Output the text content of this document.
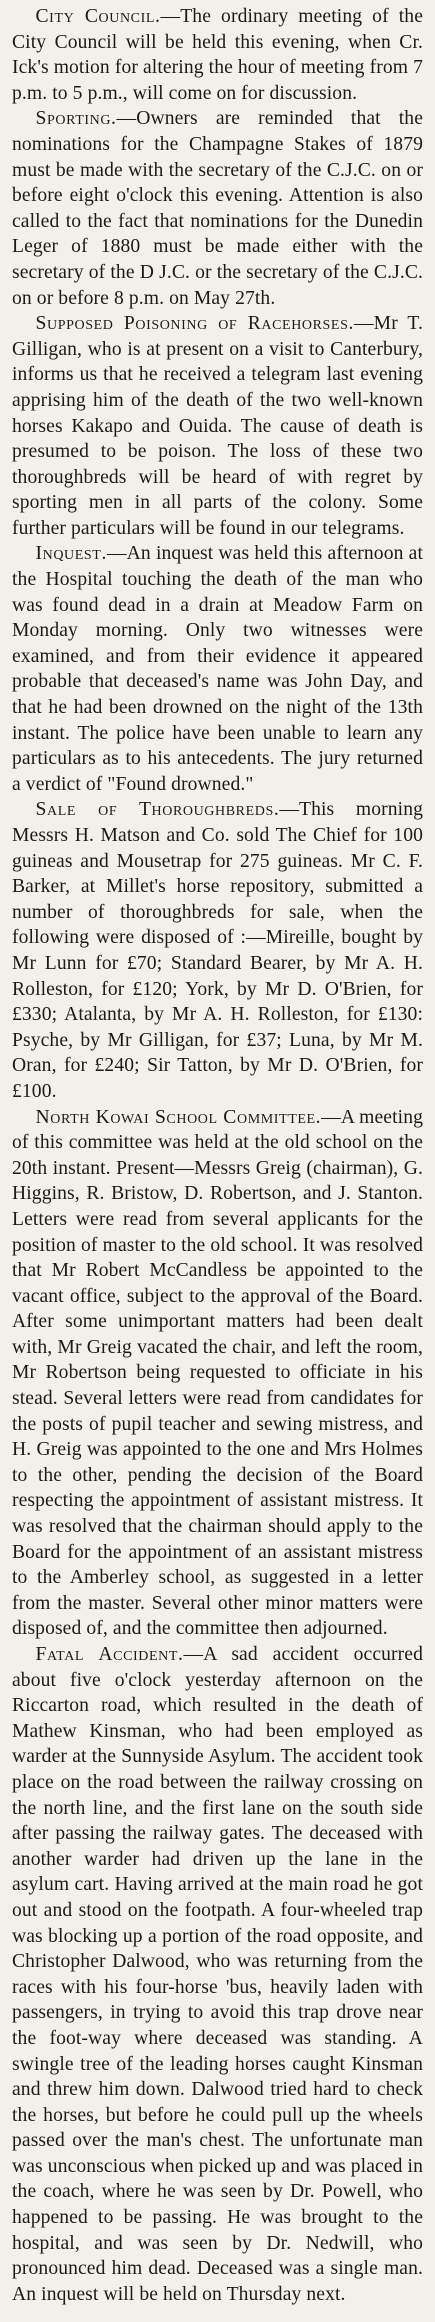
City Council.—The ordinary meeting of the City Council will be held this evening, when Cr. Ick's motion for altering the hour of meeting from 7 p.m. to 5 p.m., will come on for discussion.

Sporting.—Owners are reminded that the nominations for the Champagne Stakes of 1879 must be made with the secretary of the C.J.C. on or before eight o'clock this evening. Attention is also called to the fact that nominations for the Dunedin Leger of 1880 must be made either with the secretary of the D J.C. or the secretary of the C.J.C. on or before 8 p.m. on May 27th.

Supposed Poisoning of Racehorses.—Mr T. Gilligan, who is at present on a visit to Canterbury, informs us that he received a telegram last evening apprising him of the death of the two well-known horses Kakapo and Ouida. The cause of death is presumed to be poison. The loss of these two thoroughbreds will be heard of with regret by sporting men in all parts of the colony. Some further particulars will be found in our telegrams.

Inquest.—An inquest was held this afternoon at the Hospital touching the death of the man who was found dead in a drain at Meadow Farm on Monday morning. Only two witnesses were examined, and from their evidence it appeared probable that deceased's name was John Day, and that he had been drowned on the night of the 13th instant. The police have been unable to learn any particulars as to his antecedents. The jury returned a verdict of "Found drowned."

Sale of Thoroughbreds.—This morning Messrs H. Matson and Co. sold The Chief for 100 guineas and Mousetrap for 275 guineas. Mr C. F. Barker, at Millet's horse repository, submitted a number of thoroughbreds for sale, when the following were disposed of :—Mireille, bought by Mr Lunn for £70; Standard Bearer, by Mr A. H. Rolleston, for £120; York, by Mr D. O'Brien, for £330; Atalanta, by Mr A. H. Rolleston, for £130: Psyche, by Mr Gilligan, for £37; Luna, by Mr M. Oran, for £240; Sir Tatton, by Mr D. O'Brien, for £100.

North Kowai School Committee.—A meeting of this committee was held at the old school on the 20th instant. Present—Messrs Greig (chairman), G. Higgins, R. Bristow, D. Robertson, and J. Stanton. Letters were read from several applicants for the position of master to the old school. It was resolved that Mr Robert McCandless be appointed to the vacant office, subject to the approval of the Board. After some unimportant matters had been dealt with, Mr Greig vacated the chair, and left the room, Mr Robertson being requested to officiate in his stead. Several letters were read from candidates for the posts of pupil teacher and sewing mistress, and H. Greig was appointed to the one and Mrs Holmes to the other, pending the decision of the Board respecting the appointment of assistant mistress. It was resolved that the chairman should apply to the Board for the appointment of an assistant mistress to the Amberley school, as suggested in a letter from the master. Several other minor matters were disposed of, and the committee then adjourned.

Fatal Accident.—A sad accident occurred about five o'clock yesterday afternoon on the Riccarton road, which resulted in the death of Mathew Kinsman, who had been employed as warder at the Sunnyside Asylum. The accident took place on the road between the railway crossing on the north line, and the first lane on the south side after passing the railway gates. The deceased with another warder had driven up the lane in the asylum cart. Having arrived at the main road he got out and stood on the footpath. A four-wheeled trap was blocking up a portion of the road opposite, and Christopher Dalwood, who was returning from the races with his four-horse 'bus, heavily laden with passengers, in trying to avoid this trap drove near the foot-way where deceased was standing. A swingle tree of the leading horses caught Kinsman and threw him down. Dalwood tried hard to check the horses, but before he could pull up the wheels passed over the man's chest. The unfortunate man was unconscious when picked up and was placed in the coach, where he was seen by Dr. Powell, who happened to be passing. He was brought to the hospital, and was seen by Dr. Nedwill, who pronounced him dead. Deceased was a single man. An inquest will be held on Thursday next.
